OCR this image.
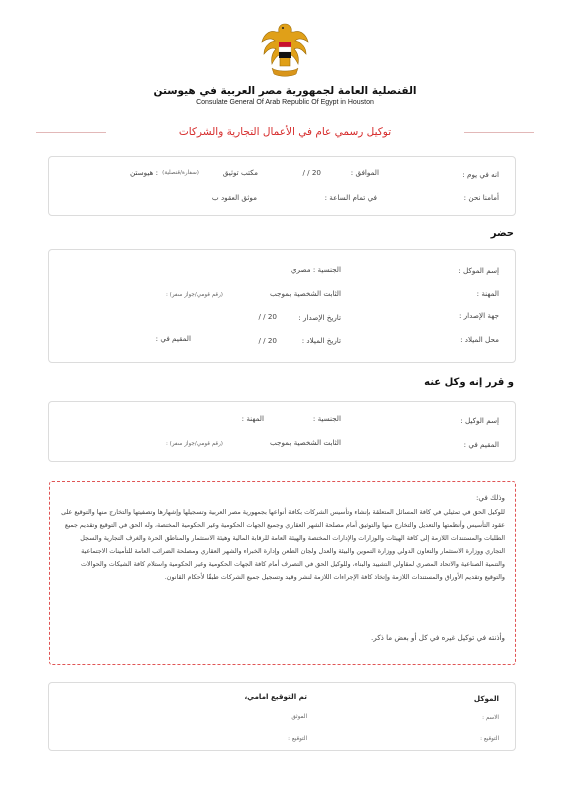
القنصلية العامة لجمهورية مصر العربية في هيوستن
Consulate General Of Arab Republic Of Egypt in Houston
توكيل رسمي عام في الأعمال التجارية والشركات
انه في يوم :
الموافق :
/ / 20
مكتب توثيق
(سفارة/قنصلية)
: هيوستن
أمامنا نحن :
في تمام الساعة :
موثق العقود ب
حضر
إسم الموكل :
الجنسية : مصري
المهنة :
الثابت الشخصية بموجب
(رقم قومي/جواز سفر) :
جهة الإصدار :
تاريخ الإصدار :
/ / 20
محل الميلاد :
تاريخ الميلاد :
/ / 20
المقيم في :
و قرر إنه وكل عنه
إسم الوكيل :
الجنسية :
المهنة :
المقيم في :
الثابت الشخصية بموجب
(رقم قومي/جواز سفر) :
وذلك في:
للوكيل الحق في تمثيلي في كافة المسائل المتعلقة بإنشاء وتأسيس الشركات بكافة أنواعها بجمهورية مصر العربية وتسجيلها وإشهارها وتصفيتها والتخارج منها والتوقيع على عقود التأسيس وأنظمتها والتعديل والتخارج منها والتوثيق أمام مصلحة الشهر العقاري وجميع الجهات الحكومية وغير الحكومية المختصة، وله الحق في التوقيع وتقديم جميع الطلبات والمستندات اللازمة إلى كافة الهيئات والوزارات والإدارات المختصة والهيئة العامة للرقابة المالية وهيئة الاستثمار والمناطق الحرة والغرف التجارية والسجل التجاري ووزارة الاستثمار والتعاون الدولي ووزارة التموين والبيئة والعدل ولجان الطعن وإدارة الخبراء والشهر العقاري ومصلحة الضرائب العامة للتأمينات الاجتماعية والتنمية الصناعية والاتحاد المصري لمقاولي التشييد والبناء، وللوكيل الحق في التصرف أمام كافة الجهات الحكومية وغير الحكومية واستلام كافة الشيكات والحوالات والتوقيع وتقديم الأوراق والمستندات اللازمة وإتخاذ كافة الإجراءات اللازمة لنشر وقيد وتسجيل جميع الشركات طبقًا لأحكام القانون.
وأذنته في توكيل غيره في كل أو بعض ما ذكر.
الموكل
الاسم :
التوقيع :
تم التوقيع امامي،
الموثق
التوقيع :
